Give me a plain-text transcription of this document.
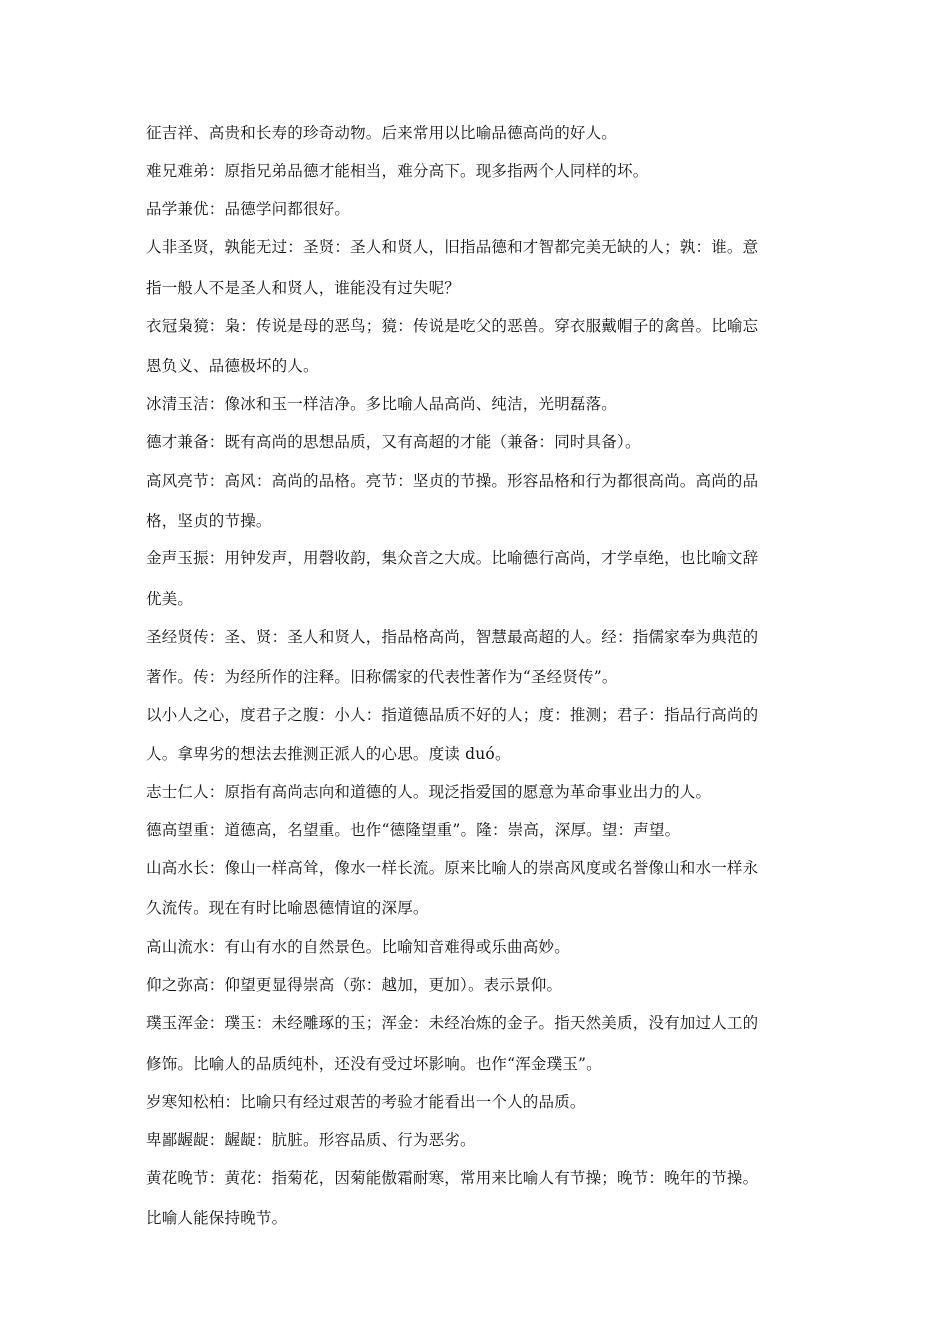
征吉祥、高贵和长寿的珍奇动物。后来常用以比喻品德高尚的好人。
难兄难弟：原指兄弟品德才能相当，难分高下。现多指两个人同样的坏。
品学兼优：品德学问都很好。
人非圣贤，孰能无过：圣贤：圣人和贤人，旧指品德和才智都完美无缺的人；孰：谁。意
指一般人不是圣人和贤人，谁能没有过失呢？
衣冠枭獍：枭：传说是母的恶鸟；獍：传说是吃父的恶兽。穿衣服戴帽子的禽兽。比喻忘
恩负义、品德极坏的人。
冰清玉洁：像冰和玉一样洁净。多比喻人品高尚、纯洁，光明磊落。
德才兼备：既有高尚的思想品质，又有高超的才能（兼备：同时具备）。
高风亮节：高风：高尚的品格。亮节：坚贞的节操。形容品格和行为都很高尚。高尚的品
格，坚贞的节操。
金声玉振：用钟发声，用磬收韵，集众音之大成。比喻德行高尚，才学卓绝，也比喻文辞
优美。
圣经贤传：圣、贤：圣人和贤人，指品格高尚，智慧最高超的人。经：指儒家奉为典范的
著作。传：为经所作的注释。旧称儒家的代表性著作为“圣经贤传”。
以小人之心，度君子之腹：小人：指道德品质不好的人；度：推测；君子：指品行高尚的
人。拿卑劣的想法去推测正派人的心思。度读 duó。
志士仁人：原指有高尚志向和道德的人。现泛指爱国的愿意为革命事业出力的人。
德高望重：道德高，名望重。也作“德隆望重”。隆：崇高，深厚。望：声望。
山高水长：像山一样高耸，像水一样长流。原来比喻人的崇高风度或名誉像山和水一样永
久流传。现在有时比喻恩德情谊的深厚。
高山流水：有山有水的自然景色。比喻知音难得或乐曲高妙。
仰之弥高：仰望更显得崇高（弥：越加，更加）。表示景仰。
璞玉浑金：璞玉：未经雕琢的玉；浑金：未经冶炼的金子。指天然美质，没有加过人工的
修饰。比喻人的品质纯朴，还没有受过坏影响。也作“浑金璞玉”。
岁寒知松柏：比喻只有经过艰苦的考验才能看出一个人的品质。
卑鄙龌龊：龌龊：肮脏。形容品质、行为恶劣。
黄花晚节：黄花：指菊花，因菊能傲霜耐寒，常用来比喻人有节操；晚节：晚年的节操。
比喻人能保持晚节。
